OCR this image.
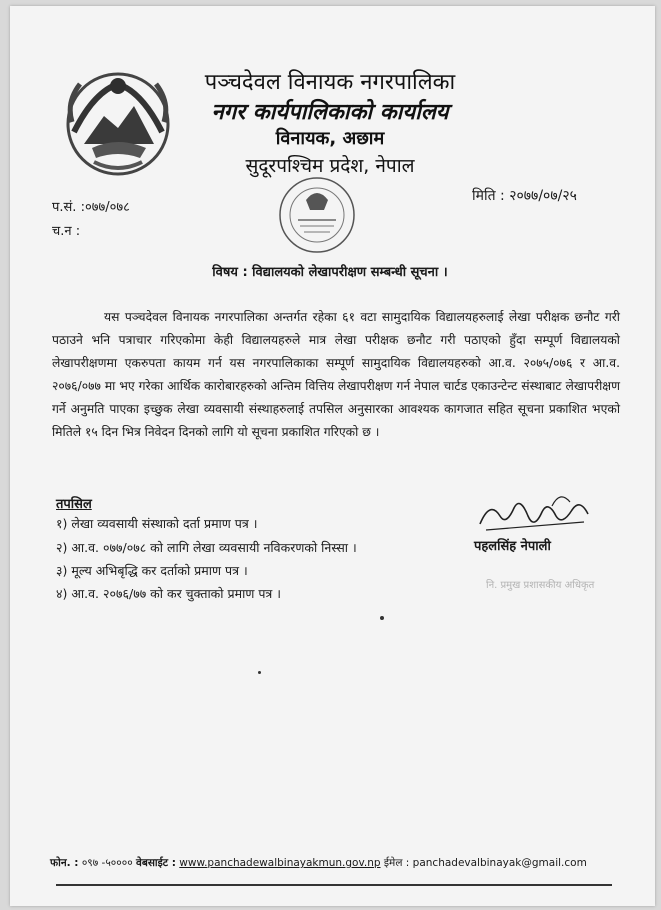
पञ्चदेवल विनायक नगरपालिका
नगर कार्यपालिकाको कार्यालय
विनायक, अछाम
सुदूरपश्चिम प्रदेश, नेपाल
प.सं. :०७७/०७८
च.न :
मिति : २०७७/०७/२५
विषय : विद्यालयको लेखापरीक्षण सम्बन्धी सूचना ।
यस पञ्चदेवल विनायक नगरपालिका अन्तर्गत रहेका ६१ वटा सामुदायिक विद्यालयहरुलाई लेखा परीक्षक छनौट गरी पठाउने भनि पत्राचार गरिएकोमा केही विद्यालयहरुले मात्र लेखा परीक्षक छनौट गरी पठाएको हुँदा सम्पूर्ण विद्यालयको लेखापरीक्षणमा एकरुपता कायम गर्न यस नगरपालिकाका सम्पूर्ण सामुदायिक विद्यालयहरुको आ.व. २०७५/०७६ र आ.व. २०७६/०७७ मा भए गरेका आर्थिक कारोबारहरुको अन्तिम वित्तिय लेखापरीक्षण गर्न नेपाल चार्टड एकाउन्टेन्ट संस्थाबाट लेखापरीक्षण गर्ने अनुमति पाएका इच्छुक लेखा व्यवसायी संस्थाहरुलाई तपसिल अनुसारका आवश्यक कागजात सहित सूचना प्रकाशित भएको मितिले १५ दिन भित्र निवेदन दिनको लागि यो सूचना प्रकाशित गरिएको छ ।
तपसिल
१) लेखा व्यवसायी संस्थाको दर्ता प्रमाण पत्र ।
२) आ.व. ०७७/०७८ को लागि लेखा व्यवसायी नविकरणको निस्सा ।
३) मूल्य अभिबृद्धि कर दर्ताको प्रमाण पत्र ।
४) आ.व. २०७६/७७ को कर चुक्ताको प्रमाण पत्र ।
पहलसिंह नेपाली
नि. प्रमुख प्रशासकीय अधिकृत
फोन. : ०९७ -५०००० वेबसाईट : www.panchadewalbinayakmun.gov.np ईमेल : panchadevalbinayak@gmail.com
